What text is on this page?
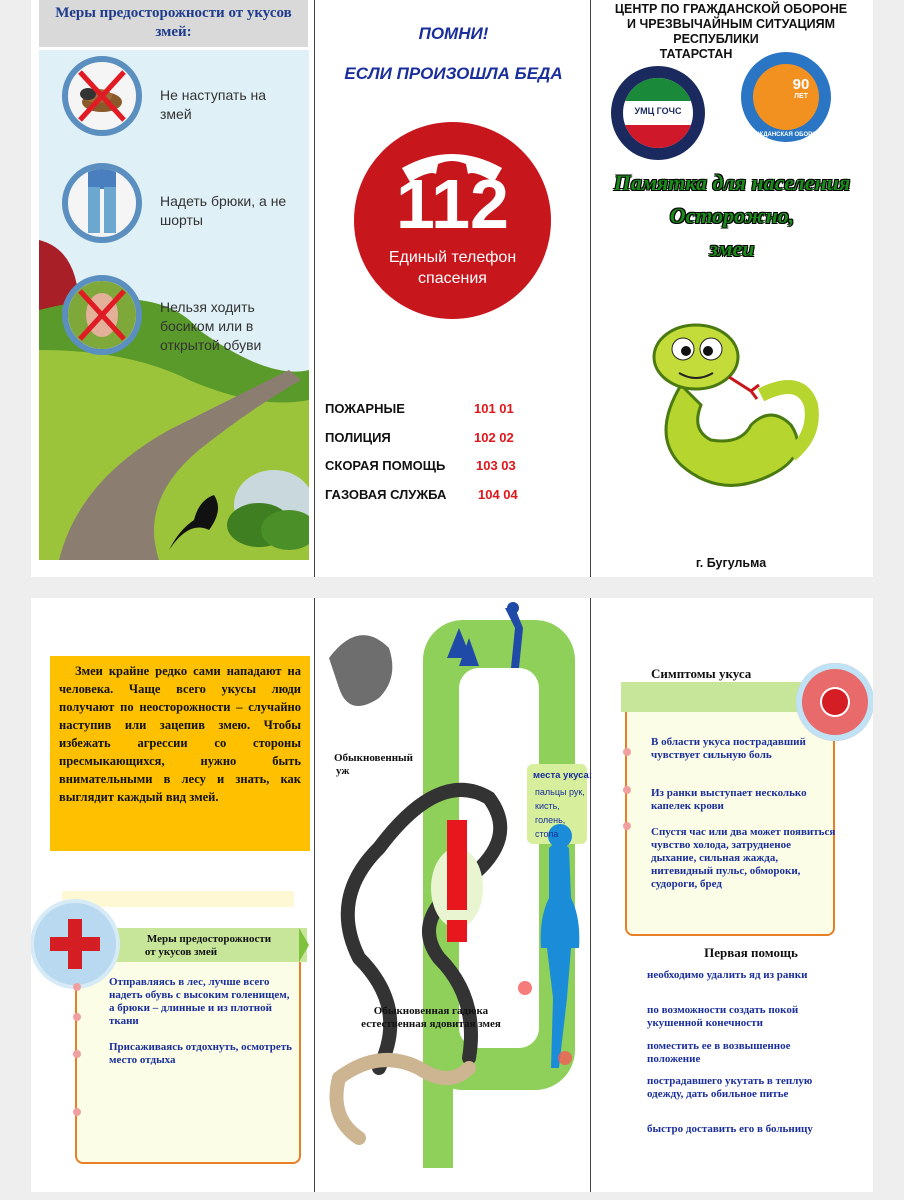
Меры предосторожности от укусов змей:
Не наступать на змей
Надеть брюки, а не шорты
Нельзя ходить босиком или в открытой обуви
ПОМНИ!
ЕСЛИ ПРОИЗОШЛА БЕДА
112
Единый телефон
спасения
ПОЖАРНЫЕ	101 01
ПОЛИЦИЯ	102 02
СКОРАЯ ПОМОЩЬ 103 03
ГАЗОВАЯ СЛУЖБА 104 04
ЦЕНТР ПО ГРАЖДАНСКОЙ ОБОРОНЕ
И ЧРЕЗВЫЧАЙНЫМ СИТУАЦИЯМ
РЕСПУБЛИКИ
ТАТАРСТАН
УМЦ ГОЧС
90
ЛЕТ
ГРАЖДАНСКАЯ ОБОРОНА
Памятка для населения
Осторожно,
змеи
г. Бугульма
Змеи крайне редко сами нападают на человека. Чаще всего укусы люди получают по неосторожности – случайно наступив или зацепив змею. Чтобы избежать агрессии со стороны пресмыкающихся, нужно быть внимательными в лесу и знать, как выглядит каждый вид змей.
Меры предосторожности
от укусов змей
Отправляясь в лес, лучше всего надеть обувь с высоким голенищем, а брюки – длинные и из плотной ткани
Присаживаясь отдохнуть, осмотреть место отдыха
Обыкновенный
уж	места укуса:
пальцы рук,
кисть,
голень,
стопа
Обыкновенная гадюка
естественная ядовитая змея
Симптомы укуса
В области укуса пострадавший чувствует сильную боль
Из ранки выступает несколько капелек крови
Спустя час или два может появиться чувство холода, затрудненое дыхание, сильная жажда, нитевидный пульс, обмороки, судороги, бред
Первая помощь
необходимо удалить яд из ранки
по возможности создать покой укушенной конечности
поместить ее в возвышенное положение
пострадавшего укутать в теплую одежду, дать обильное питье
быстро доставить его в больницу
